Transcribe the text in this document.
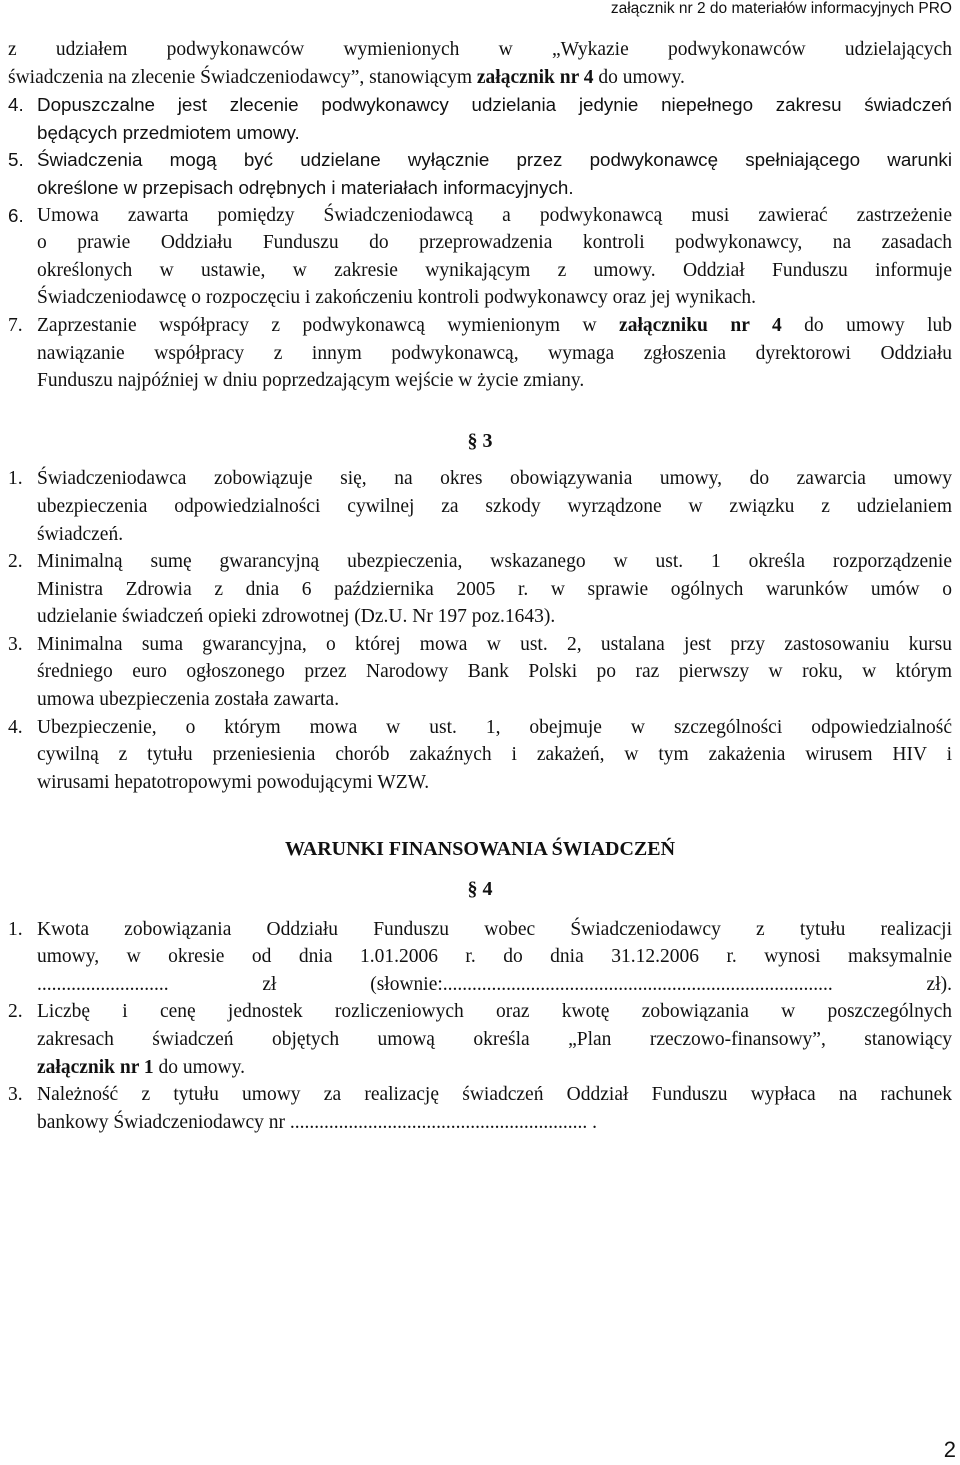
załącznik nr 2 do materiałów informacyjnych PRO
z udziałem podwykonawców wymienionych w „Wykazie podwykonawców udzielających
świadczenia na zlecenie Świadczeniodawcy”, stanowiącym załącznik nr 4 do umowy.
4. Dopuszczalne jest zlecenie podwykonawcy udzielania jedynie niepełnego zakresu świadczeń
będących przedmiotem umowy.
5. Świadczenia mogą być udzielane wyłącznie przez podwykonawcę spełniającego warunki
określone w przepisach odrębnych i materiałach informacyjnych.
6. Umowa zawarta pomiędzy Świadczeniodawcą a podwykonawcą musi zawierać zastrzeżenie
o prawie Oddziału Funduszu do przeprowadzenia kontroli podwykonawcy, na zasadach
określonych w ustawie, w zakresie wynikającym z umowy. Oddział Funduszu informuje
Świadczeniodawcę o rozpoczęciu i zakończeniu kontroli podwykonawcy oraz jej wynikach.
7. Zaprzestanie współpracy z podwykonawcą wymienionym w załączniku nr 4 do umowy lub
nawiązanie współpracy z innym podwykonawcą, wymaga zgłoszenia dyrektorowi Oddziału
Funduszu najpóźniej w dniu poprzedzającym wejście w życie zmiany.
§ 3
1. Świadczeniodawca zobowiązuje się, na okres obowiązywania umowy, do zawarcia umowy
ubezpieczenia odpowiedzialności cywilnej za szkody wyrządzone w związku z udzielaniem
świadczeń.
2. Minimalną sumę gwarancyjną ubezpieczenia, wskazanego w ust. 1 określa rozporządzenie
Ministra Zdrowia z dnia 6 października 2005 r. w sprawie ogólnych warunków umów o
udzielanie świadczeń opieki zdrowotnej (Dz.U. Nr 197 poz.1643).
3. Minimalna suma gwarancyjna, o której mowa w ust. 2, ustalana jest przy zastosowaniu kursu
średniego euro ogłoszonego przez Narodowy Bank Polski po raz pierwszy w roku, w którym
umowa ubezpieczenia została zawarta.
4. Ubezpieczenie, o którym mowa w ust. 1, obejmuje w szczególności odpowiedzialność
cywilną z tytułu przeniesienia chorób zakaźnych i zakażeń, w tym zakażenia wirusem HIV i
wirusami hepatotropowymi powodującymi WZW.
WARUNKI FINANSOWANIA ŚWIADCZEŃ
§ 4
1. Kwota zobowiązania Oddziału Funduszu wobec Świadczeniodawcy z tytułu realizacji
umowy, w okresie od dnia 1.01.2006 r. do dnia 31.12.2006 r. wynosi maksymalnie
........................... zł (słownie:................................................................................ zł).
2. Liczbę i cenę jednostek rozliczeniowych oraz kwotę zobowiązania w poszczególnych
zakresach świadczeń objętych umową określa „Plan rzeczowo-finansowy”, stanowiący
załącznik nr 1 do umowy.
3. Należność z tytułu umowy za realizację świadczeń Oddział Funduszu wypłaca na rachunek
bankowy Świadczeniodawcy nr ............................................................. .
2
